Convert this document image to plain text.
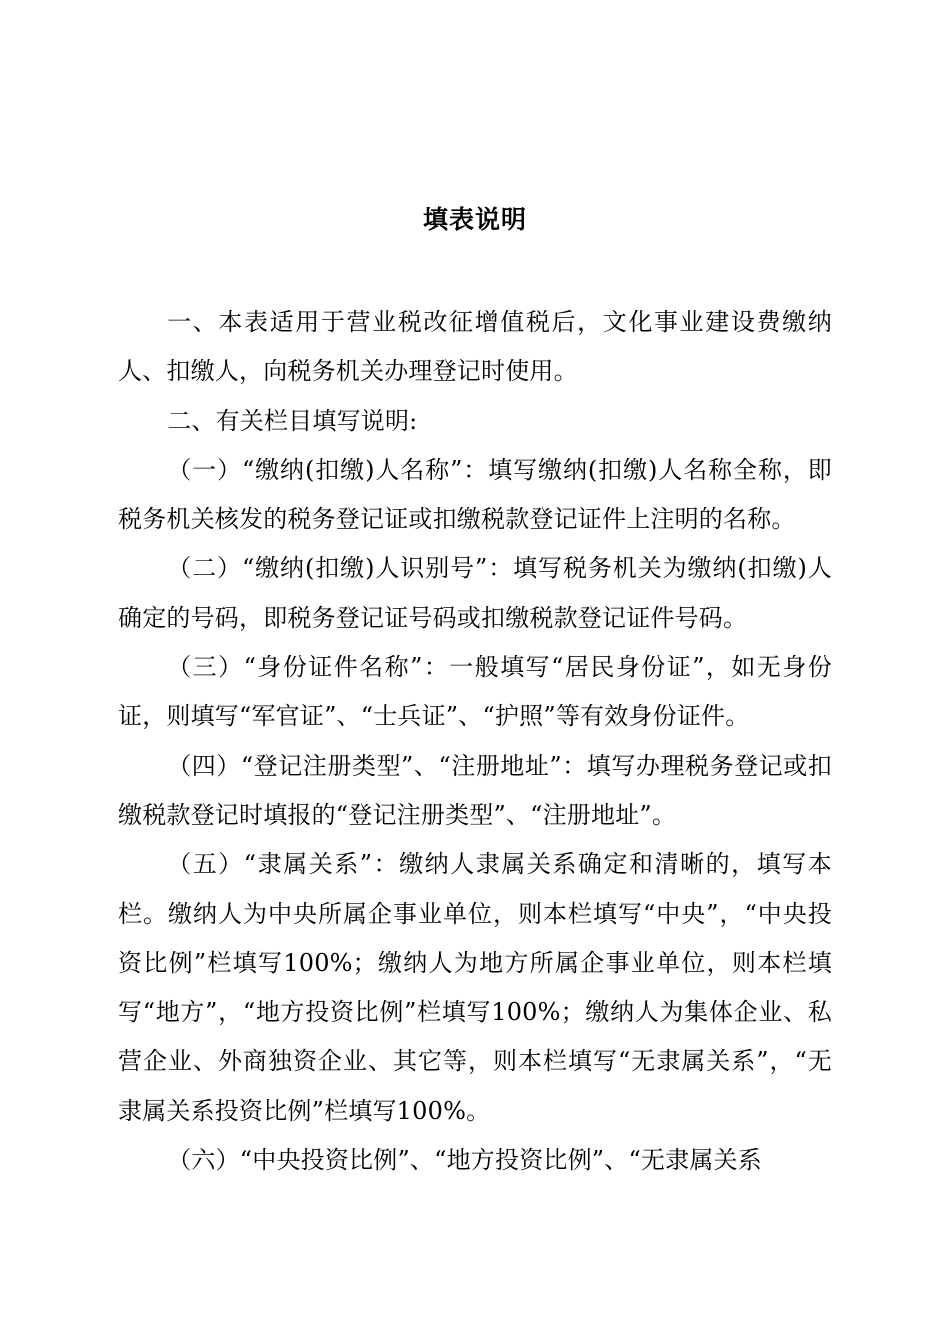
填表说明

一、本表适用于营业税改征增值税后，文化事业建设费缴纳人、扣缴人，向税务机关办理登记时使用。

二、有关栏目填写说明:

（一）“缴纳(扣缴)人名称”：填写缴纳(扣缴)人名称全称，即税务机关核发的税务登记证或扣缴税款登记证件上注明的名称。

（二）“缴纳(扣缴)人识别号”：填写税务机关为缴纳(扣缴)人确定的号码，即税务登记证号码或扣缴税款登记证件号码。

（三）“身份证件名称”：一般填写“居民身份证”，如无身份证，则填写“军官证”、“士兵证”、“护照”等有效身份证件。

（四）“登记注册类型”、“注册地址”：填写办理税务登记或扣缴税款登记时填报的“登记注册类型”、“注册地址”。

（五）“隶属关系”：缴纳人隶属关系确定和清晰的，填写本栏。缴纳人为中央所属企事业单位，则本栏填写“中央”，“中央投资比例”栏填写100%；缴纳人为地方所属企事业单位，则本栏填写“地方”，“地方投资比例”栏填写100%；缴纳人为集体企业、私营企业、外商独资企业、其它等，则本栏填写“无隶属关系”，“无隶属关系投资比例”栏填写100%。

（六）“中央投资比例”、“地方投资比例”、“无隶属关系
